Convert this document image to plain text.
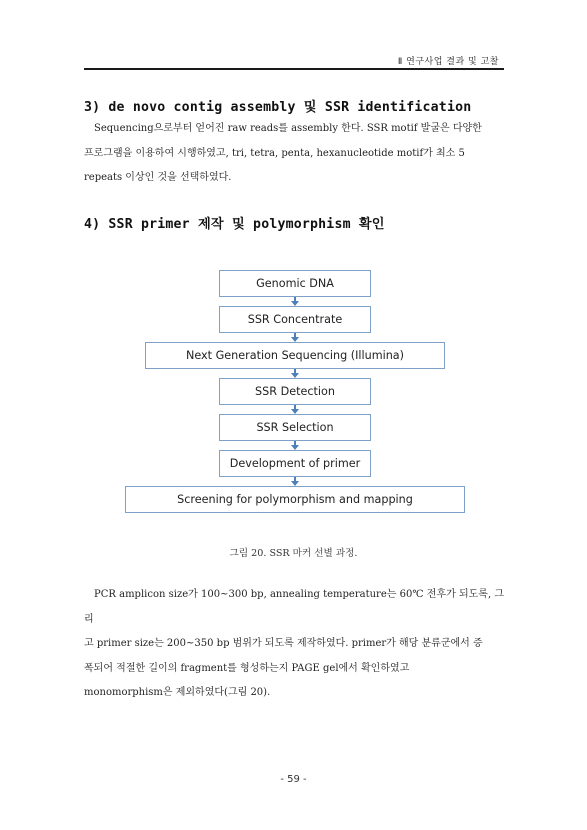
Ⅱ 연구사업 결과 및 고찰
3) de novo contig assembly 및 SSR identification
Sequencing으로부터 얻어진 raw reads를 assembly 한다. SSR motif 발굴은 다양한
프로그램을 이용하여 시행하였고, tri, tetra, penta, hexanucleotide motif가 최소 5
repeats 이상인 것을 선택하였다.
4) SSR primer 제작 및 polymorphism 확인
Genomic DNA
SSR Concentrate
Next Generation Sequencing (Illumina)
SSR Detection
SSR Selection
Development of primer
Screening for polymorphism and mapping
그림 20. SSR 마커 선별 과정.
PCR amplicon size가 100~300 bp, annealing temperature는 60℃ 전후가 되도록, 그리
고 primer size는 200~350 bp 범위가 되도록 제작하였다. primer가 해당 분류군에서 증
폭되어 적절한 길이의 fragment를 형성하는지 PAGE gel에서 확인하였고
monomorphism은 제외하였다(그림 20).
- 59 -
